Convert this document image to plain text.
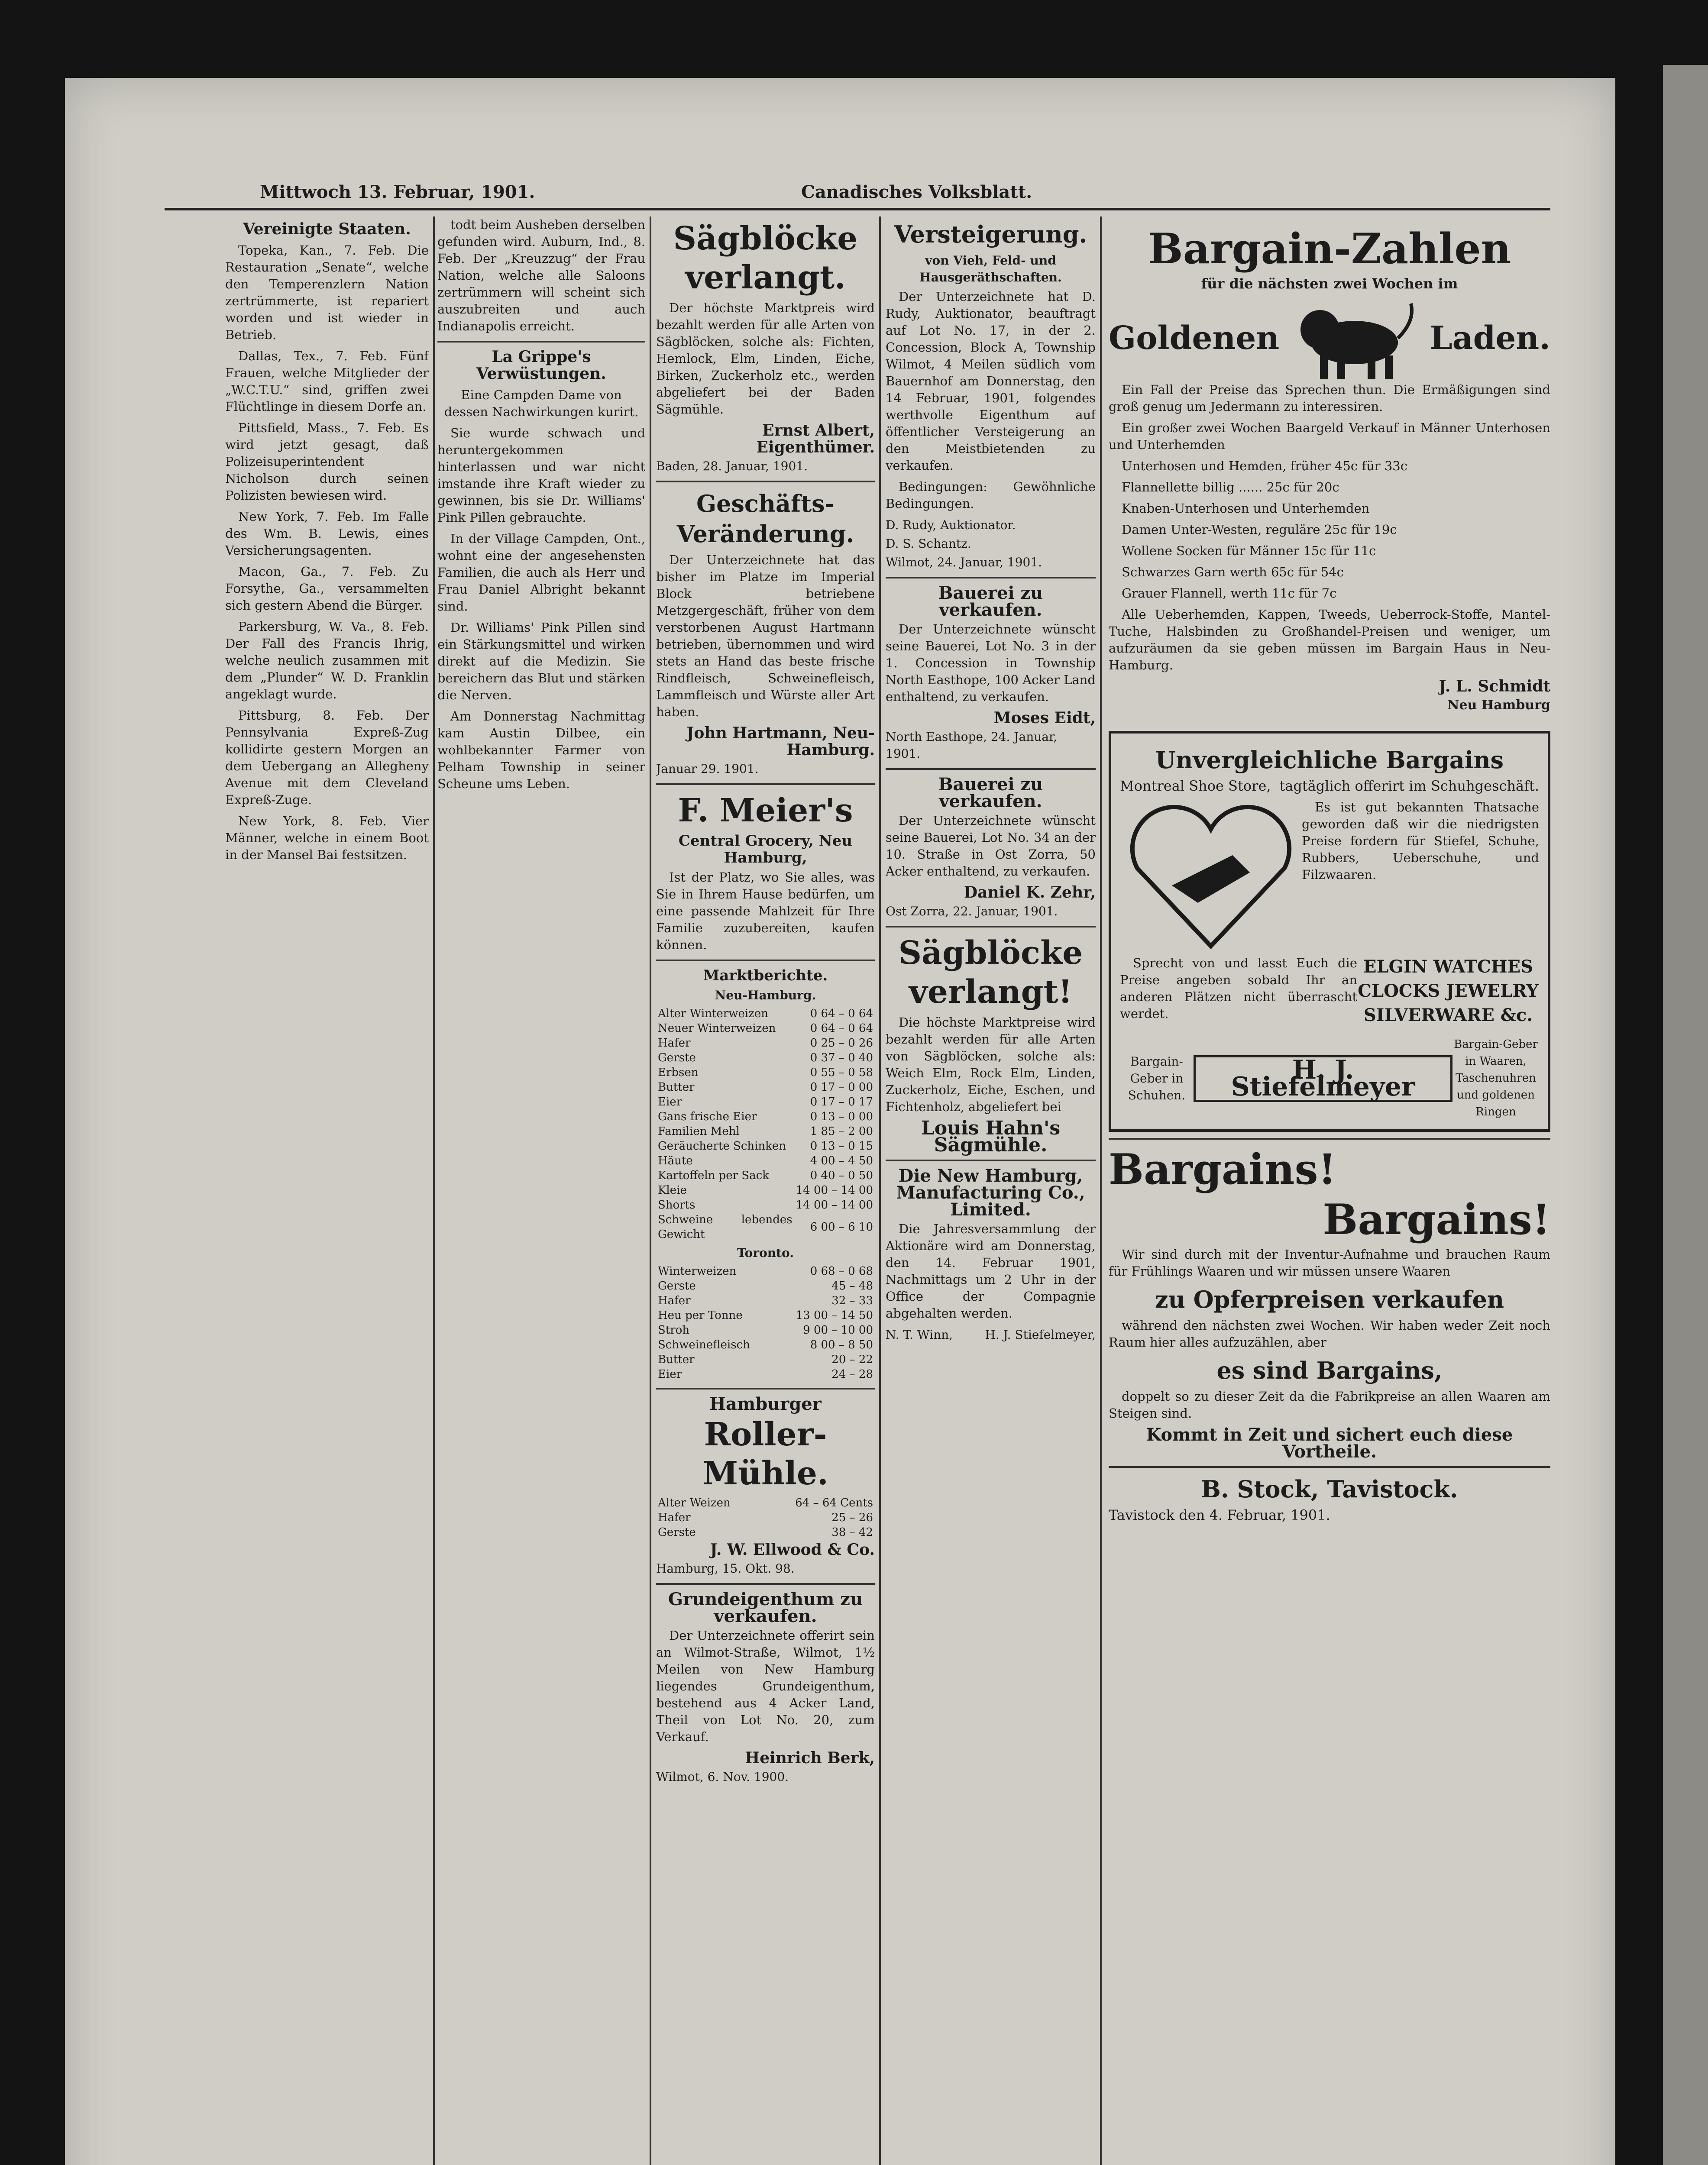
Mittwoch 13. Februar, 1901.	Canadisches Volksblatt.
Vereinigte Staaten.

Topeka, Kan., 7. Feb. Die Restauration „Senate“, welche den Temperenzlern Nation zertrümmerte, ist repariert worden und ist wieder in Betrieb.

Dallas, Tex., 7. Feb. Fünf Frauen, welche Mitglieder der „W.C.T.U.“ sind, griffen zwei Flüchtlinge in diesem Dorfe an.

Pittsfield, Mass., 7. Feb. Es wird jetzt gesagt, daß Polizeisuperintendent Nicholson durch seinen Polizisten bewiesen wird.

New York, 7. Feb. Im Falle des Wm. B. Lewis, eines Versicherungsagenten.

Macon, Ga., 7. Feb. Zu Forsythe, Ga., versammelten sich gestern Abend die Bürger.

Parkersburg, W. Va., 8. Feb. Der Fall des Francis Ihrig, welche neulich zusammen mit dem „Plunder“ W. D. Franklin angeklagt wurde.

Pittsburg, 8. Feb. Der Pennsylvania Expreß-Zug kollidirte gestern Morgen an dem Uebergang an Allegheny Avenue mit dem Cleveland Expreß-Zuge.

New York, 8. Feb. Vier Männer, welche in einem Boot in der Mansel Bai festsitzen.

todt beim Ausheben derselben gefunden wird. Auburn, Ind., 8. Feb. Der „Kreuzzug“ der Frau Nation, welche alle Saloons zertrümmern will scheint sich auszubreiten und auch Indianapolis erreicht.

La Grippe's Verwüstungen.

Eine Campden Dame von dessen Nachwirkungen kurirt.

Sie wurde schwach und heruntergekommen hinterlassen und war nicht imstande ihre Kraft wieder zu gewinnen, bis sie Dr. Williams' Pink Pillen gebrauchte.

In der Village Campden, Ont., wohnt eine der angesehensten Familien, die auch als Herr und Frau Daniel Albright bekannt sind.

Dr. Williams' Pink Pillen sind ein Stärkungsmittel und wirken direkt auf die Medizin. Sie bereichern das Blut und stärken die Nerven.

Am Donnerstag Nachmittag kam Austin Dilbee, ein wohlbekannter Farmer von Pelham Township in seiner Scheune ums Leben.

Sägblöcke verlangt.

Der höchste Marktpreis wird bezahlt werden für alle Arten von Sägblöcken, solche als: Fichten, Hemlock, Elm, Linden, Eiche, Birken, Zuckerholz etc., werden abgeliefert bei der Baden Sägmühle.

Ernst Albert, Eigenthümer.
Baden, 28. Januar, 1901.
Geschäfts-Veränderung.

Der Unterzeichnete hat das bisher im Platze im Imperial Block betriebene Metzgergeschäft, früher von dem verstorbenen August Hartmann betrieben, übernommen und wird stets an Hand das beste frische Rindfleisch, Schweinefleisch, Lammfleisch und Würste aller Art haben.

John Hartmann, Neu-Hamburg.
Januar 29. 1901.
F. Meier's
Central Grocery, Neu Hamburg,

Ist der Platz, wo Sie alles, was Sie in Ihrem Hause bedürfen, um eine passende Mahlzeit für Ihre Familie zuzubereiten, kaufen können.

Marktberichte.
Neu-Hamburg.
Alter Winterweizen	0 64 – 0 64
Neuer Winterweizen	0 64 – 0 64
Hafer	0 25 – 0 26
Gerste	0 37 – 0 40
Erbsen	0 55 – 0 58
Butter	0 17 – 0 00
Eier	0 17 – 0 17
Gans frische Eier	0 13 – 0 00
Familien Mehl	1 85 – 2 00
Geräucherte Schinken	0 13 – 0 15
Häute	4 00 – 4 50
Kartoffeln per Sack	0 40 – 0 50
Kleie	14 00 – 14 00
Shorts	14 00 – 14 00
Schweine lebendes Gewicht	6 00 – 6 10
Toronto.
Winterweizen	0 68 – 0 68
Gerste	45 – 48
Hafer	32 – 33
Heu per Tonne	13 00 – 14 50
Stroh	9 00 – 10 00
Schweinefleisch	8 00 – 8 50
Butter	20 – 22
Eier	24 – 28
Hamburger
Roller-Mühle.
Alter Weizen	64 – 64 Cents
Hafer	25 – 26
Gerste	38 – 42
J. W. Ellwood & Co.
Hamburg, 15. Okt. 98.
Grundeigenthum zu verkaufen.

Der Unterzeichnete offerirt sein an Wilmot-Straße, Wilmot, 1½ Meilen von New Hamburg liegendes Grundeigenthum, bestehend aus 4 Acker Land, Theil von Lot No. 20, zum Verkauf.

Heinrich Berk,
Wilmot, 6. Nov. 1900.
Versteigerung.
von Vieh, Feld- und Hausgeräthschaften.

Der Unterzeichnete hat D. Rudy, Auktionator, beauftragt auf Lot No. 17, in der 2. Concession, Block A, Township Wilmot, 4 Meilen südlich vom Bauernhof am Donnerstag, den 14 Februar, 1901, folgendes werthvolle Eigenthum auf öffentlicher Versteigerung an den Meistbietenden zu verkaufen.

Bedingungen: Gewöhnliche Bedingungen.

D. Rudy, Auktionator.
D. S. Schantz.
Wilmot, 24. Januar, 1901.
Bauerei zu verkaufen.

Der Unterzeichnete wünscht seine Bauerei, Lot No. 3 in der 1. Concession in Township North Easthope, 100 Acker Land enthaltend, zu verkaufen.

Moses Eidt,
North Easthope, 24. Januar, 1901.
Bauerei zu verkaufen.

Der Unterzeichnete wünscht seine Bauerei, Lot No. 34 an der 10. Straße in Ost Zorra, 50 Acker enthaltend, zu verkaufen.

Daniel K. Zehr,
Ost Zorra, 22. Januar, 1901.
Sägblöcke verlangt!

Die höchste Marktpreise wird bezahlt werden für alle Arten von Sägblöcken, solche als: Weich Elm, Rock Elm, Linden, Zuckerholz, Eiche, Eschen, und Fichtenholz, abgeliefert bei

Louis Hahn's Sägmühle.
Die New Hamburg, Manufacturing Co., Limited.

Die Jahresversammlung der Aktionäre wird am Donnerstag, den 14. Februar 1901, Nachmittags um 2 Uhr in der Office der Compagnie abgehalten werden.

N. T. Winn,	H. J. Stiefelmeyer,
Bargain-Zahlen
für die nächsten zwei Wochen im
Goldenen	Laden.

Ein Fall der Preise das Sprechen thun. Die Ermäßigungen sind groß genug um Jedermann zu interessiren.

Ein großer zwei Wochen Baargeld Verkauf in Männer Unterhosen und Unterhemden

Unterhosen und Hemden, früher 45c für 33c

Flannellette billig ...... 25c für 20c

Knaben-Unterhosen und Unterhemden

Damen Unter-Westen, reguläre 25c für 19c

Wollene Socken für Männer 15c für 11c

Schwarzes Garn werth 65c für 54c

Grauer Flannell, werth 11c für 7c

Alle Ueberhemden, Kappen, Tweeds, Ueberrock-Stoffe, Mantel-Tuche, Halsbinden zu Großhandel-Preisen und weniger, um aufzuräumen da sie geben müssen im Bargain Haus in Neu-Hamburg.

J. L. Schmidt
Neu Hamburg
Unvergleichliche Bargains
Montreal Shoe Store, tagtäglich offerirt im Schuhgeschäft.

Es ist gut bekannten Thatsache geworden daß wir die niedrigsten Preise fordern für Stiefel, Schuhe, Rubbers, Ueberschuhe, und Filzwaaren.

Sprecht von und lasst Euch die Preise angeben sobald Ihr an anderen Plätzen nicht überrascht werdet.

ELGIN WATCHES CLOCKS JEWELRY SILVERWARE &c.
Bargain-Geber in Schuhen.
H. J. Stiefelmeyer
Bargain-Geber in Waaren, Taschenuhren und goldenen Ringen
Bargains!
Bargains!

Wir sind durch mit der Inventur-Aufnahme und brauchen Raum für Frühlings Waaren und wir müssen unsere Waaren

zu Opferpreisen verkaufen

während den nächsten zwei Wochen. Wir haben weder Zeit noch Raum hier alles aufzuzählen, aber

es sind Bargains,

doppelt so zu dieser Zeit da die Fabrikpreise an allen Waaren am Steigen sind.

Kommt in Zeit und sichert euch diese Vortheile.
B. Stock, Tavistock.
Tavistock den 4. Februar, 1901.
